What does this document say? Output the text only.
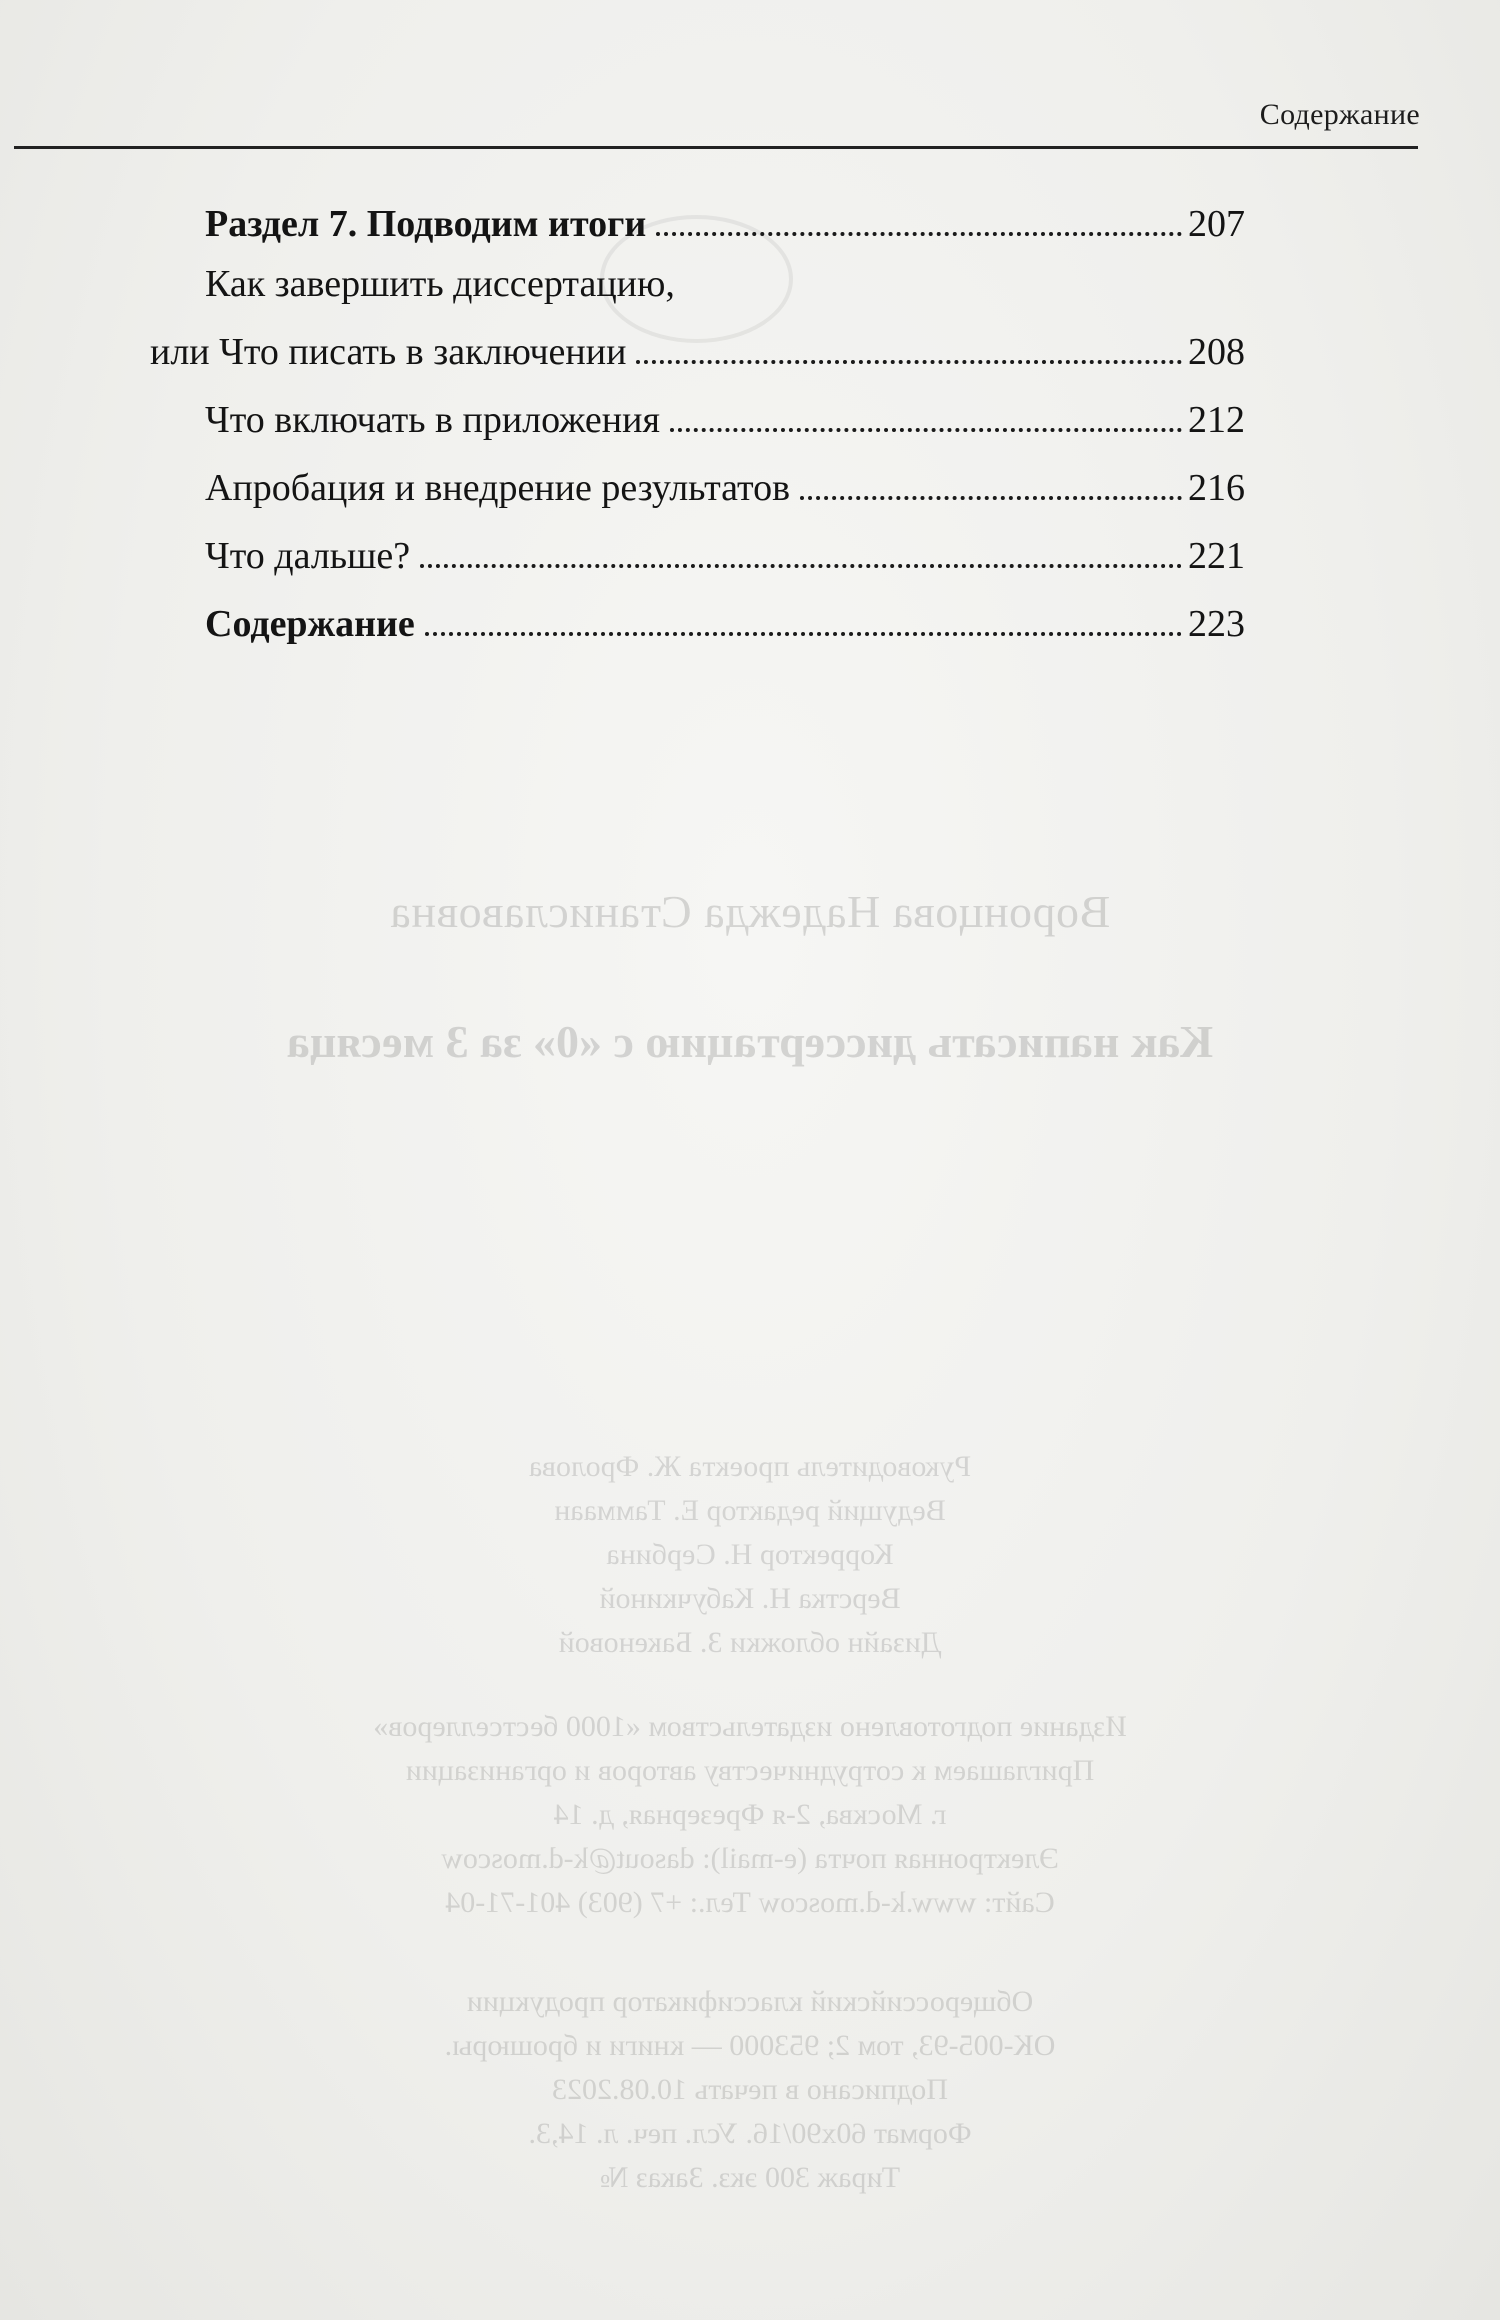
Содержание
Раздел 7. Подводим итоги	207
Как завершить диссертацию,
или Что писать в заключении	208
Что включать в приложения	212
Апробация и внедрение результатов	216
Что дальше?	221
Содержание	223
Воронцова Надежда Станиславовна
Как написать диссертацию с «0» за 3 месяца
Руководитель проекта Ж. Фролова
Ведущий редактор Е. Таммаан
Корректор Н. Сербина
Верстка Н. Кабучкиной
Дизайн обложки З. Бакеновой
Издание подготовлено издательством «1000 бестселлеров»
Приглашаем к сотрудничеству авторов и организации
г. Москва, 2-я Фрезерная, д. 14
Электронная почта (e-mail): dasout@k-d.moscow
Сайт: www.k-d.moscow Тел.: +7 (903) 401-71-04
Общероссийский классификатор продукции
ОК-005-93, том 2; 953000 — книги и брошюры.
Подписано в печать 10.08.2023
Формат 60х90/16. Усл. печ. л. 14,3.
Тираж 300 экз. Заказ №
